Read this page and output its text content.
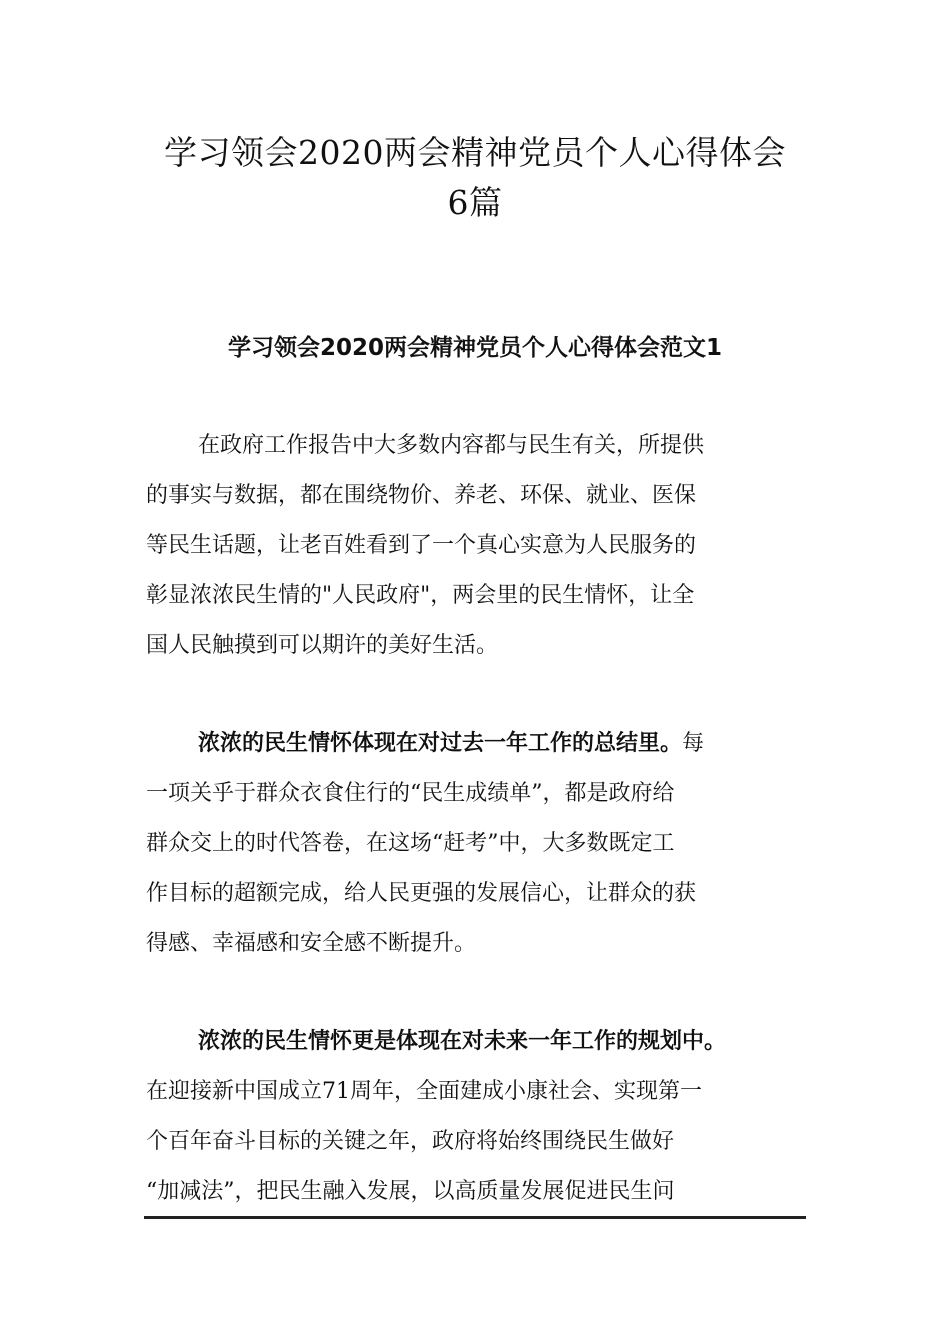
学习领会2020两会精神党员个人心得体会
6篇
学习领会2020两会精神党员个人心得体会范文1
在政府工作报告中大多数内容都与民生有关，所提供
的事实与数据，都在围绕物价、养老、环保、就业、医保
等民生话题，让老百姓看到了一个真心实意为人民服务的
彰显浓浓民生情的"人民政府"，两会里的民生情怀，让全
国人民触摸到可以期许的美好生活。
浓浓的民生情怀体现在对过去一年工作的总结里。每
一项关乎于群众衣食住行的“民生成绩单”，都是政府给
群众交上的时代答卷，在这场“赶考”中，大多数既定工
作目标的超额完成，给人民更强的发展信心，让群众的获
得感、幸福感和安全感不断提升。
浓浓的民生情怀更是体现在对未来一年工作的规划中。
在迎接新中国成立71周年，全面建成小康社会、实现第一
个百年奋斗目标的关键之年，政府将始终围绕民生做好
“加减法”，把民生融入发展，以高质量发展促进民生问
